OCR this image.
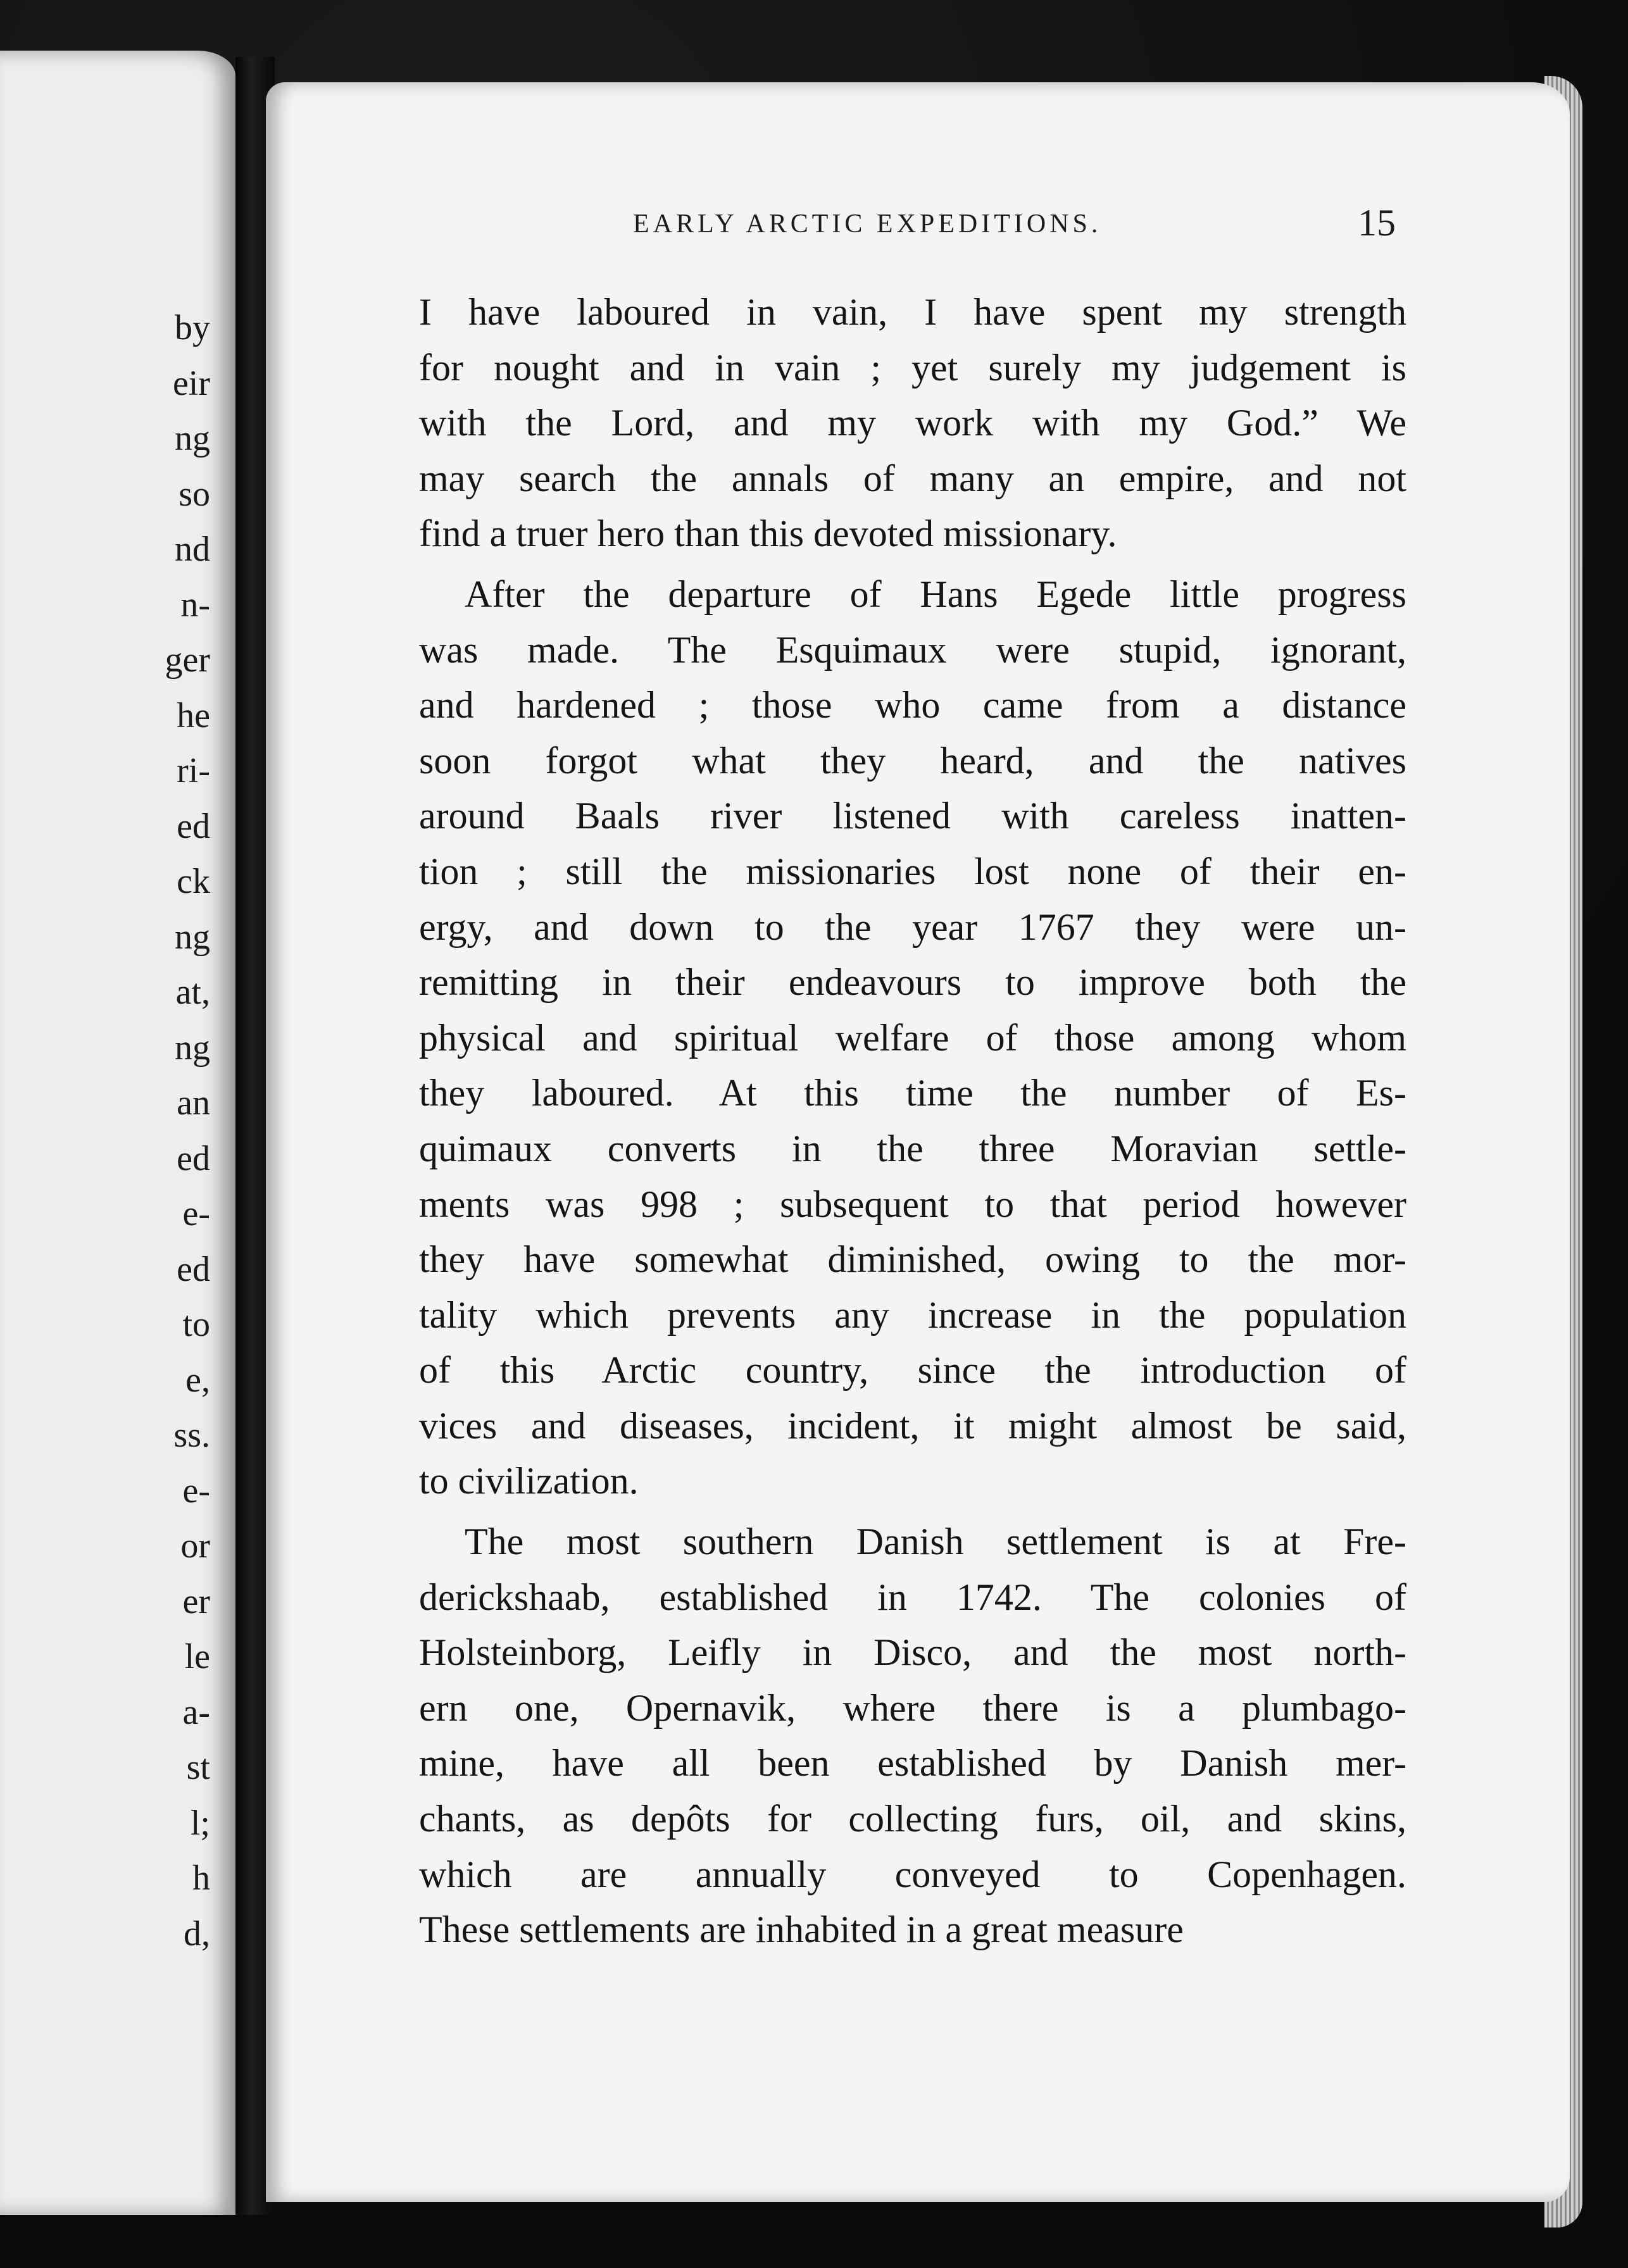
by
eir
ng
so
nd
n-
ger
he
ri-
ed
ck
ng
at,
ng
an
ed
e-
ed
to
e,
ss.
e-
or
er
le
a-
st
l;
h
d,
EARLY ARCTIC EXPEDITIONS.	15
I have laboured in vain, I have spent my strength
for nought and in vain ; yet surely my judgement is
with the Lord, and my work with my God.” We
may search the annals of many an empire, and not
find a truer hero than this devoted missionary.
After the departure of Hans Egede little progress
was made. The Esquimaux were stupid, ignorant,
and hardened ; those who came from a distance
soon forgot what they heard, and the natives
around Baals river listened with careless inatten-
tion ; still the missionaries lost none of their en-
ergy, and down to the year 1767 they were un-
remitting in their endeavours to improve both the
physical and spiritual welfare of those among whom
they laboured. At this time the number of Es-
quimaux converts in the three Moravian settle-
ments was 998 ; subsequent to that period however
they have somewhat diminished, owing to the mor-
tality which prevents any increase in the population
of this Arctic country, since the introduction of
vices and diseases, incident, it might almost be said,
to civilization.
The most southern Danish settlement is at Fre-
derickshaab, established in 1742. The colonies of
Holsteinborg, Leifly in Disco, and the most north-
ern one, Opernavik, where there is a plumbago-
mine, have all been established by Danish mer-
chants, as depôts for collecting furs, oil, and skins,
which are annually conveyed to Copenhagen.
These settlements are inhabited in a great measure
